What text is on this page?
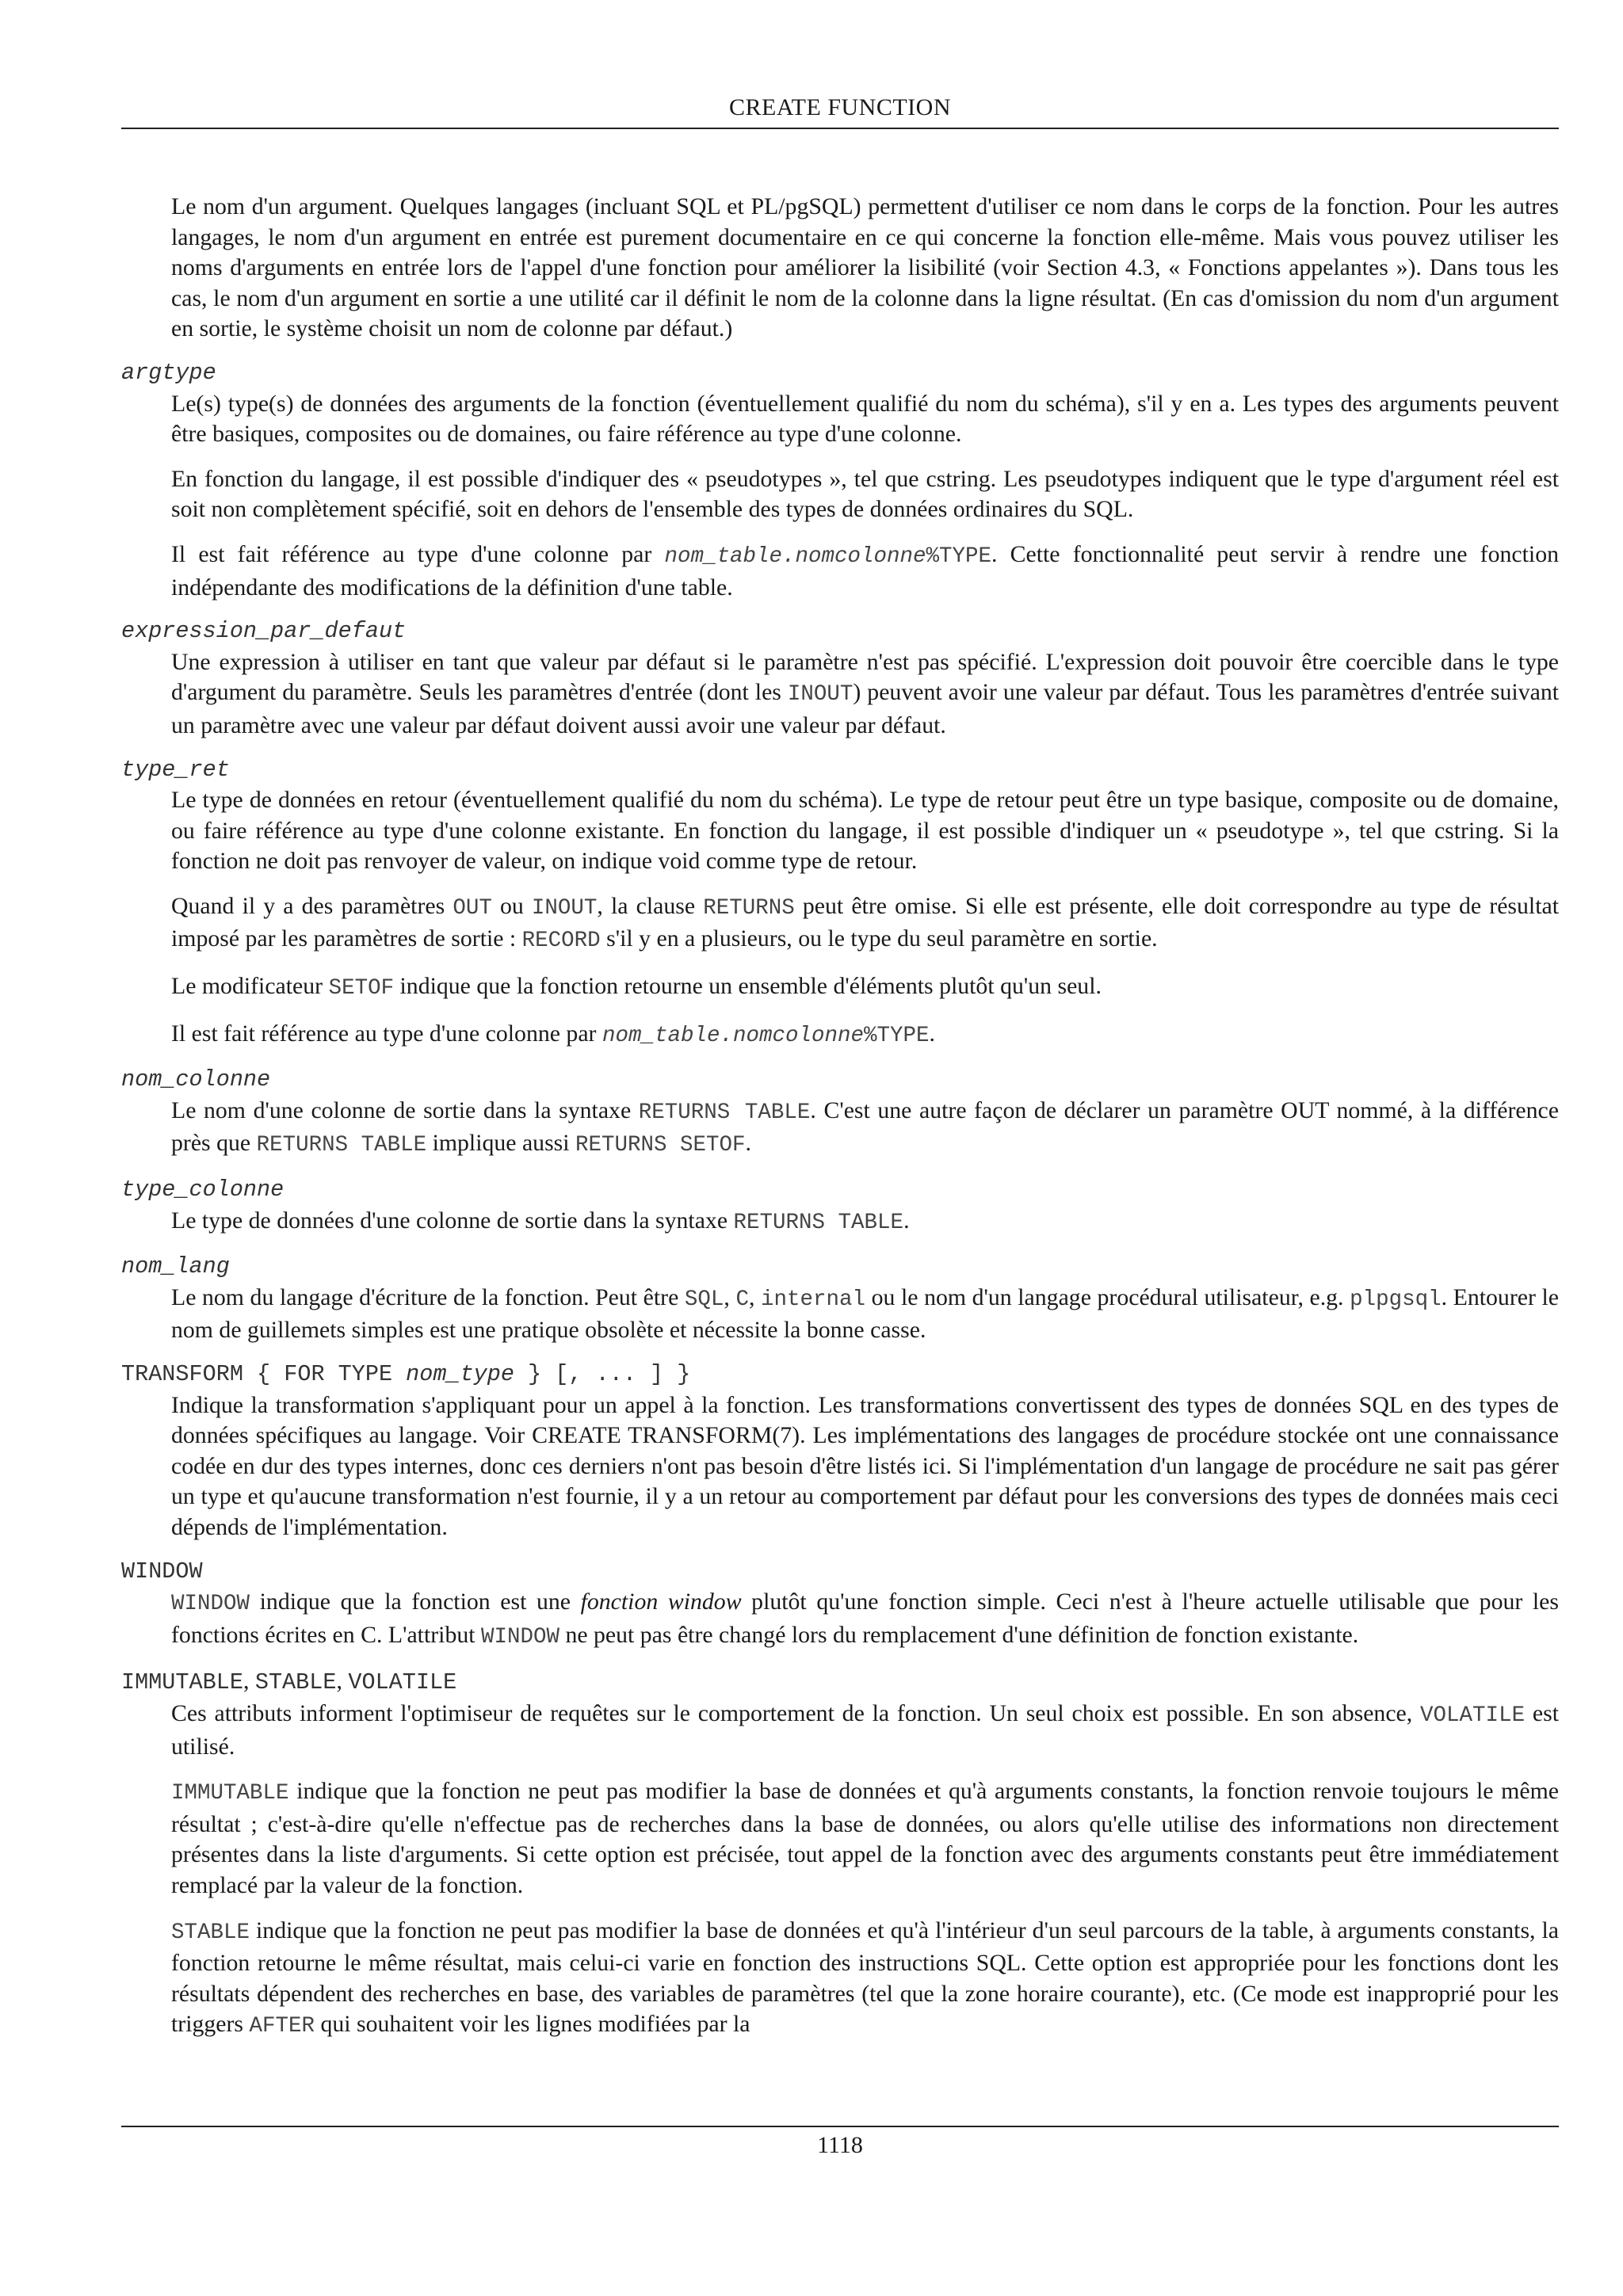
CREATE FUNCTION

Le nom d'un argument. Quelques langages (incluant SQL et PL/pgSQL) permettent d'utiliser ce nom dans le corps de la fonction. Pour les autres langages, le nom d'un argument en entrée est purement documentaire en ce qui concerne la fonction elle-même. Mais vous pouvez utiliser les noms d'arguments en entrée lors de l'appel d'une fonction pour améliorer la lisibilité (voir Section 4.3, « Fonctions appelantes »). Dans tous les cas, le nom d'un argument en sortie a une utilité car il définit le nom de la colonne dans la ligne résultat. (En cas d'omission du nom d'un argument en sortie, le système choisit un nom de colonne par défaut.)

argtype

Le(s) type(s) de données des arguments de la fonction (éventuellement qualifié du nom du schéma), s'il y en a. Les types des arguments peuvent être basiques, composites ou de domaines, ou faire référence au type d'une colonne.

En fonction du langage, il est possible d'indiquer des « pseudotypes », tel que cstring. Les pseudotypes indiquent que le type d'argument réel est soit non complètement spécifié, soit en dehors de l'ensemble des types de données ordinaires du SQL.

Il est fait référence au type d'une colonne par nom_table.nomcolonne%TYPE. Cette fonctionnalité peut servir à rendre une fonction indépendante des modifications de la définition d'une table.

expression_par_defaut

Une expression à utiliser en tant que valeur par défaut si le paramètre n'est pas spécifié. L'expression doit pouvoir être coercible dans le type d'argument du paramètre. Seuls les paramètres d'entrée (dont les INOUT) peuvent avoir une valeur par défaut. Tous les paramètres d'entrée suivant un paramètre avec une valeur par défaut doivent aussi avoir une valeur par défaut.

type_ret

Le type de données en retour (éventuellement qualifié du nom du schéma). Le type de retour peut être un type basique, composite ou de domaine, ou faire référence au type d'une colonne existante. En fonction du langage, il est possible d'indiquer un « pseudotype », tel que cstring. Si la fonction ne doit pas renvoyer de valeur, on indique void comme type de retour.

Quand il y a des paramètres OUT ou INOUT, la clause RETURNS peut être omise. Si elle est présente, elle doit correspondre au type de résultat imposé par les paramètres de sortie : RECORD s'il y en a plusieurs, ou le type du seul paramètre en sortie.

Le modificateur SETOF indique que la fonction retourne un ensemble d'éléments plutôt qu'un seul.

Il est fait référence au type d'une colonne par nom_table.nomcolonne%TYPE.

nom_colonne

Le nom d'une colonne de sortie dans la syntaxe RETURNS TABLE. C'est une autre façon de déclarer un paramètre OUT nommé, à la différence près que RETURNS TABLE implique aussi RETURNS SETOF.

type_colonne

Le type de données d'une colonne de sortie dans la syntaxe RETURNS TABLE.

nom_lang

Le nom du langage d'écriture de la fonction. Peut être SQL, C, internal ou le nom d'un langage procédural utilisateur, e.g. plpgsql. Entourer le nom de guillemets simples est une pratique obsolète et nécessite la bonne casse.

TRANSFORM { FOR TYPE nom_type } [, ... ] }

Indique la transformation s'appliquant pour un appel à la fonction. Les transformations convertissent des types de données SQL en des types de données spécifiques au langage. Voir CREATE TRANSFORM(7). Les implémentations des langages de procédure stockée ont une connaissance codée en dur des types internes, donc ces derniers n'ont pas besoin d'être listés ici. Si l'implémentation d'un langage de procédure ne sait pas gérer un type et qu'aucune transformation n'est fournie, il y a un retour au comportement par défaut pour les conversions des types de données mais ceci dépends de l'implémentation.

WINDOW

WINDOW indique que la fonction est une fonction window plutôt qu'une fonction simple. Ceci n'est à l'heure actuelle utilisable que pour les fonctions écrites en C. L'attribut WINDOW ne peut pas être changé lors du remplacement d'une définition de fonction existante.

IMMUTABLE, STABLE, VOLATILE

Ces attributs informent l'optimiseur de requêtes sur le comportement de la fonction. Un seul choix est possible. En son absence, VOLATILE est utilisé.

IMMUTABLE indique que la fonction ne peut pas modifier la base de données et qu'à arguments constants, la fonction renvoie toujours le même résultat ; c'est-à-dire qu'elle n'effectue pas de recherches dans la base de données, ou alors qu'elle utilise des informations non directement présentes dans la liste d'arguments. Si cette option est précisée, tout appel de la fonction avec des arguments constants peut être immédiatement remplacé par la valeur de la fonction.

STABLE indique que la fonction ne peut pas modifier la base de données et qu'à l'intérieur d'un seul parcours de la table, à arguments constants, la fonction retourne le même résultat, mais celui-ci varie en fonction des instructions SQL. Cette option est appropriée pour les fonctions dont les résultats dépendent des recherches en base, des variables de paramètres (tel que la zone horaire courante), etc. (Ce mode est inapproprié pour les triggers AFTER qui souhaitent voir les lignes modifiées par la

1118
